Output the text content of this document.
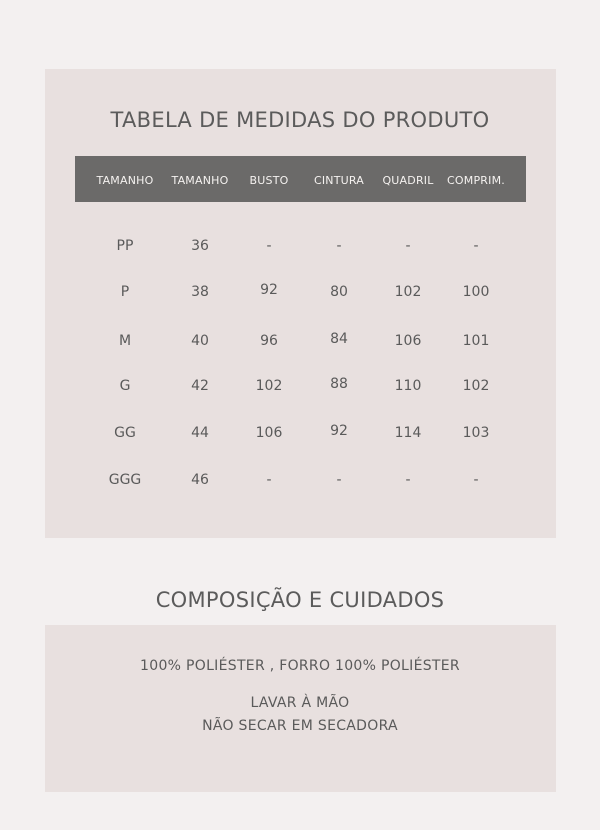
TABELA DE MEDIDAS DO PRODUTO
TAMANHO	TAMANHO	BUSTO	CINTURA	QUADRIL	COMPRIM.
PP	36	-	-	-	-
P	38	92	80	102	100
M	40	96	84	106	101
G	42	102	88	110	102
GG	44	106	92	114	103
GGG	46	-	-	-	-
COMPOSIÇÃO E CUIDADOS
100% POLIÉSTER , FORRO 100% POLIÉSTER
LAVAR À MÃO
NÃO SECAR EM SECADORA
